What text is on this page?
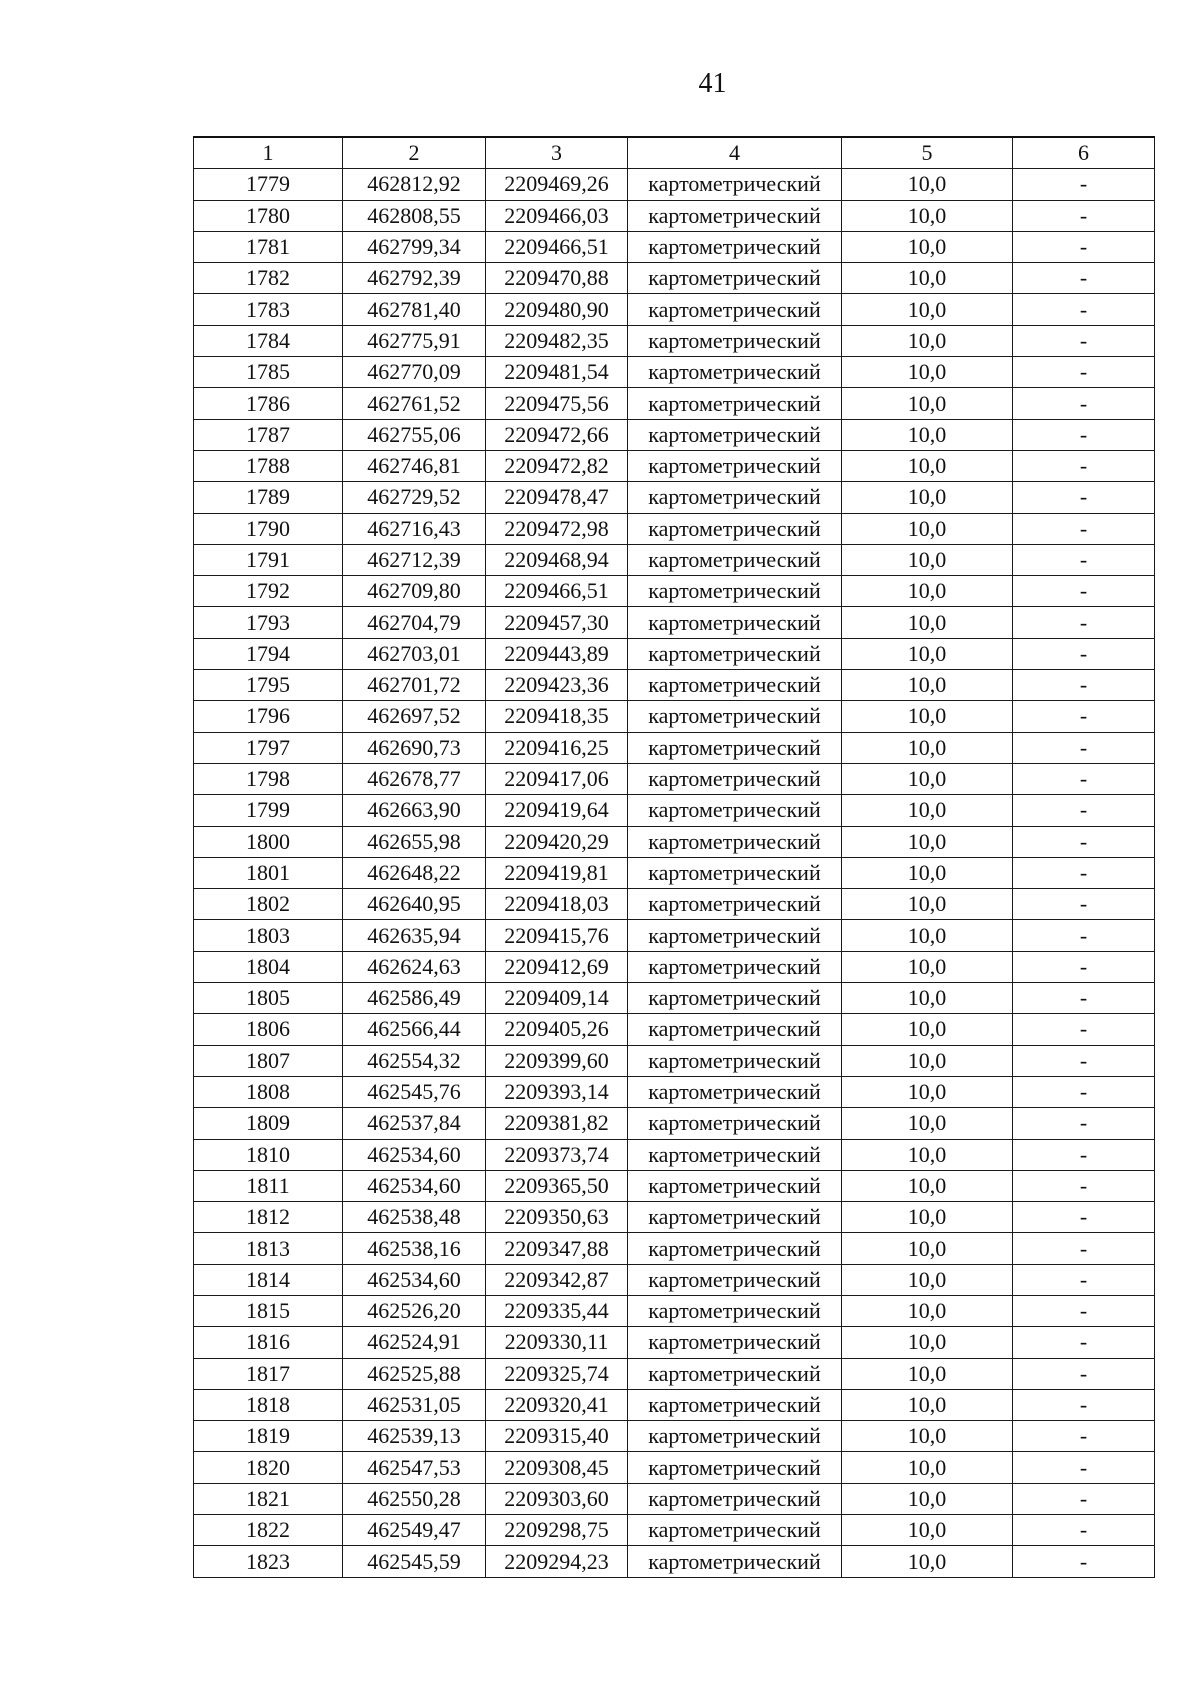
41
1	2	3	4	5	6
1779	462812,92	2209469,26	картометрический	10,0	-
1780	462808,55	2209466,03	картометрический	10,0	-
1781	462799,34	2209466,51	картометрический	10,0	-
1782	462792,39	2209470,88	картометрический	10,0	-
1783	462781,40	2209480,90	картометрический	10,0	-
1784	462775,91	2209482,35	картометрический	10,0	-
1785	462770,09	2209481,54	картометрический	10,0	-
1786	462761,52	2209475,56	картометрический	10,0	-
1787	462755,06	2209472,66	картометрический	10,0	-
1788	462746,81	2209472,82	картометрический	10,0	-
1789	462729,52	2209478,47	картометрический	10,0	-
1790	462716,43	2209472,98	картометрический	10,0	-
1791	462712,39	2209468,94	картометрический	10,0	-
1792	462709,80	2209466,51	картометрический	10,0	-
1793	462704,79	2209457,30	картометрический	10,0	-
1794	462703,01	2209443,89	картометрический	10,0	-
1795	462701,72	2209423,36	картометрический	10,0	-
1796	462697,52	2209418,35	картометрический	10,0	-
1797	462690,73	2209416,25	картометрический	10,0	-
1798	462678,77	2209417,06	картометрический	10,0	-
1799	462663,90	2209419,64	картометрический	10,0	-
1800	462655,98	2209420,29	картометрический	10,0	-
1801	462648,22	2209419,81	картометрический	10,0	-
1802	462640,95	2209418,03	картометрический	10,0	-
1803	462635,94	2209415,76	картометрический	10,0	-
1804	462624,63	2209412,69	картометрический	10,0	-
1805	462586,49	2209409,14	картометрический	10,0	-
1806	462566,44	2209405,26	картометрический	10,0	-
1807	462554,32	2209399,60	картометрический	10,0	-
1808	462545,76	2209393,14	картометрический	10,0	-
1809	462537,84	2209381,82	картометрический	10,0	-
1810	462534,60	2209373,74	картометрический	10,0	-
1811	462534,60	2209365,50	картометрический	10,0	-
1812	462538,48	2209350,63	картометрический	10,0	-
1813	462538,16	2209347,88	картометрический	10,0	-
1814	462534,60	2209342,87	картометрический	10,0	-
1815	462526,20	2209335,44	картометрический	10,0	-
1816	462524,91	2209330,11	картометрический	10,0	-
1817	462525,88	2209325,74	картометрический	10,0	-
1818	462531,05	2209320,41	картометрический	10,0	-
1819	462539,13	2209315,40	картометрический	10,0	-
1820	462547,53	2209308,45	картометрический	10,0	-
1821	462550,28	2209303,60	картометрический	10,0	-
1822	462549,47	2209298,75	картометрический	10,0	-
1823	462545,59	2209294,23	картометрический	10,0	-
